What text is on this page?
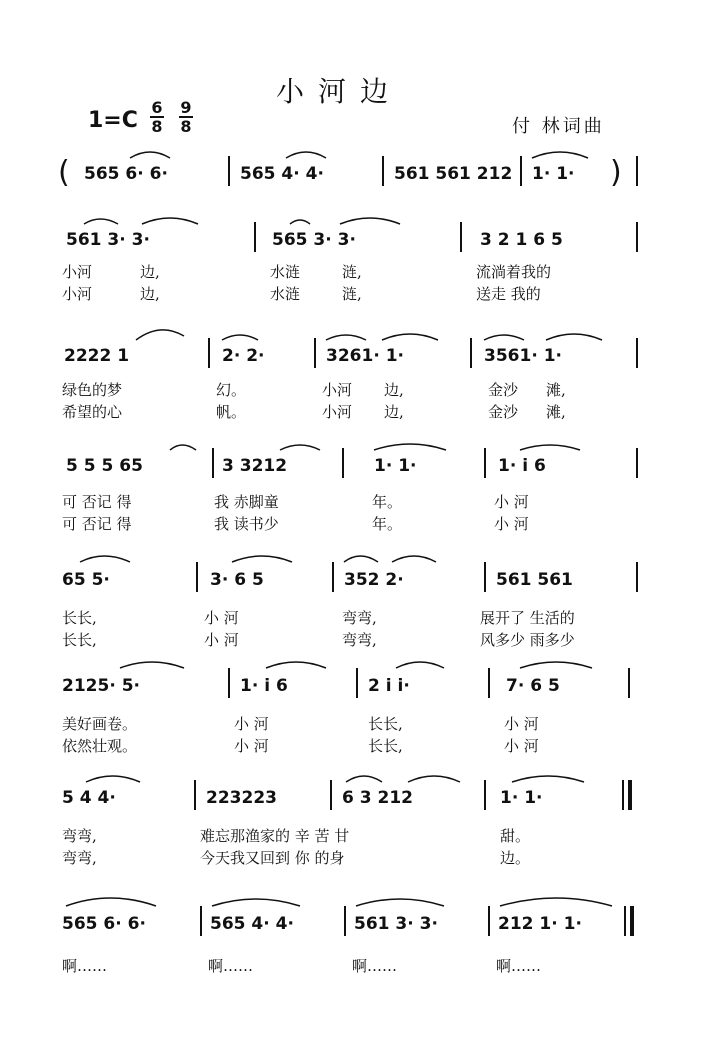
小河边
1=C
6
8
9
8	付 林词曲
( 565 6· 6·	565 4· 4·	561 561 212 1· 1· )
561 3· 3·	565 3· 3·	3 2 1 6 5
小河	边,	水涟	涟,	流淌着我的
小河	边,	水涟	涟,	送走 我的
2222 1	2· 2·	3261· 1·	3561· 1·
绿色的梦	幻。	小河 边,	金沙 滩,
希望的心	帆。	小河 边,	金沙 滩,
5 5 5 65	3 3212	1· 1·	1· i 6
可 否记 得	我 赤脚童	年。	小 河
可 否记 得	我 读书少	年。	小 河
65 5·	3· 6 5	352 2·	561 561
长长,	小 河	弯弯,	展开了 生活的
长长,	小 河	弯弯,	风多少 雨多少
2125· 5·	1· i 6	2 i i·	7· 6 5
美好画卷。	小 河	长长,	小 河
依然壮观。	小 河	长长,	小 河
5 4 4·	223223	6 3 212	1· 1·
弯弯,	难忘那渔家的 辛 苦 甘	甜。
弯弯,	今天我又回到 你 的身	边。
565 6· 6·	565 4· 4·	561 3· 3·	212 1· 1·
啊……	啊……	啊……	啊……
